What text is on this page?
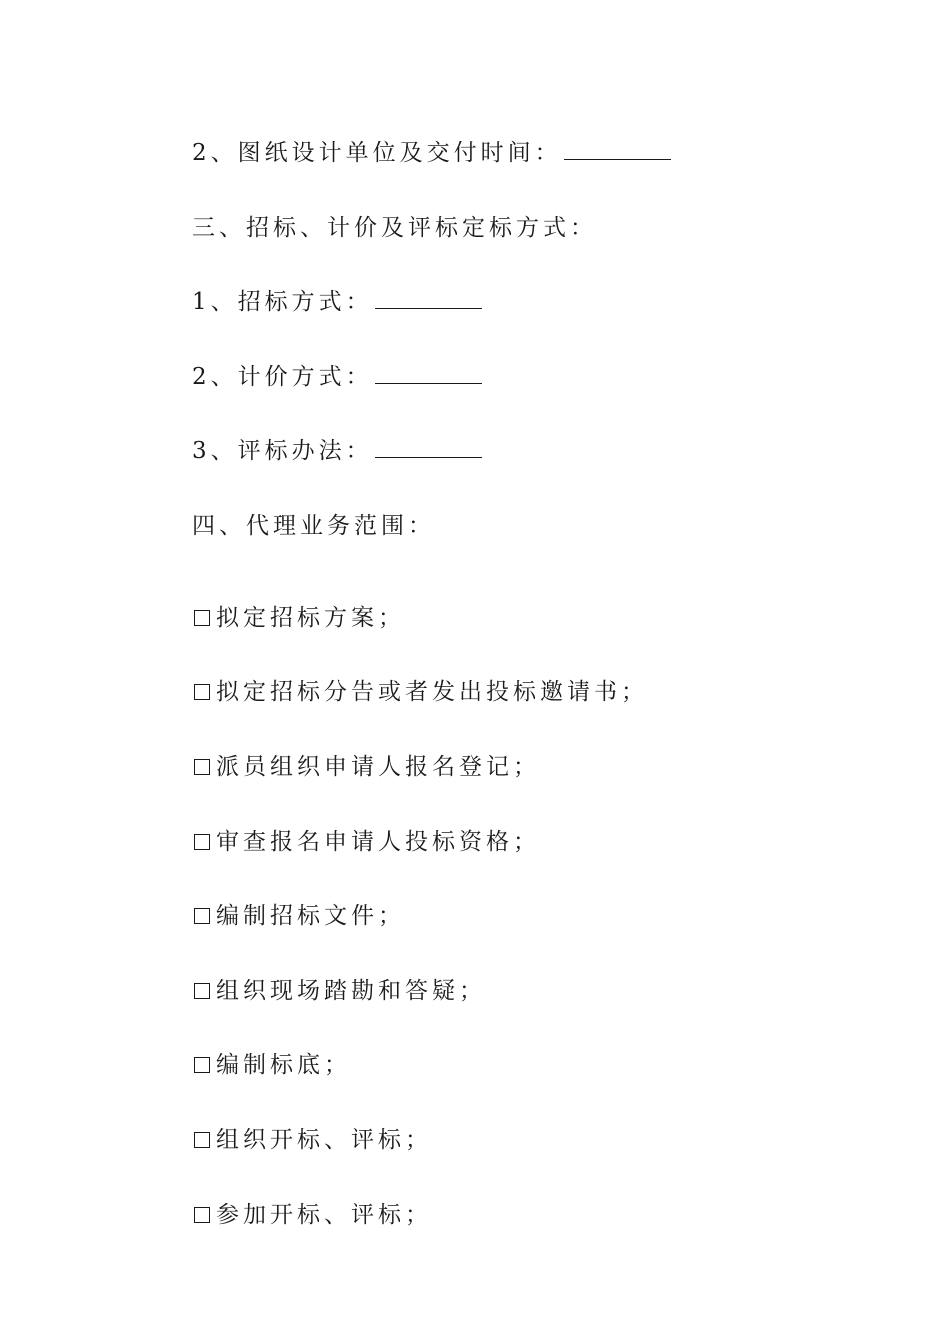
2、图纸设计单位及交付时间：
三、招标、计价及评标定标方式：
1、招标方式：
2、计价方式：
3、评标办法：
四、代理业务范围：
拟定招标方案；
拟定招标分告或者发出投标邀请书；
派员组织申请人报名登记；
审查报名申请人投标资格；
编制招标文件；
组织现场踏勘和答疑；
编制标底；
组织开标、评标；
参加开标、评标；
